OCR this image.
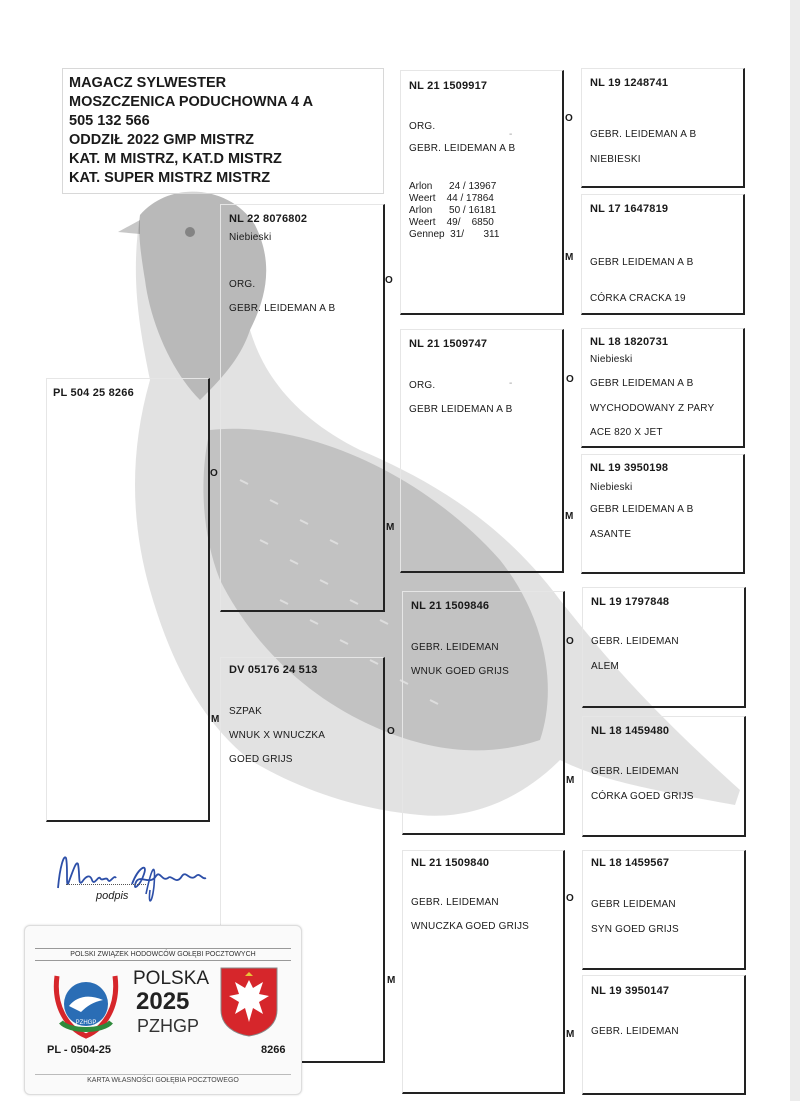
MAGACZ SYLWESTER
MOSZCZENICA PODUCHOWNA 4 A
505 132 566
ODDZIŁ 2022 GMP MISTRZ
KAT. M MISTRZ, KAT.D MISTRZ
KAT. SUPER MISTRZ MISTRZ
PL 504 25 8266
O
M
NL 22 8076802
Niebieski
ORG.
GEBR. LEIDEMAN A B
O
M
DV 05176 24 513
SZPAK
WNUK X WNUCZKA
GOED GRIJS
O
M
NL 21 1509917
ORG.
GEBR. LEIDEMAN A B
-
Arlon      24 / 13967
Weert    44 / 17864
Arlon      50 / 16181
Weert    49/    6850
Gennep  31/       311
O
M
NL 21 1509747
ORG.
GEBR LEIDEMAN A B
-	O
M
NL 21 1509846
GEBR. LEIDEMAN
WNUK GOED GRIJS
O
M
NL 21 1509840
GEBR. LEIDEMAN
WNUCZKA GOED GRIJS
O
M
NL 19 1248741
GEBR. LEIDEMAN A B
NIEBIESKI
NL 17 1647819
GEBR LEIDEMAN A B
CÓRKA CRACKA 19
NL 18 1820731
Niebieski
GEBR LEIDEMAN A B
WYCHODOWANY Z PARY
ACE 820 X JET
NL 19 3950198
Niebieski
GEBR LEIDEMAN A B
ASANTE
NL 19 1797848
GEBR. LEIDEMAN
ALEM
NL 18 1459480
GEBR. LEIDEMAN
CÓRKA GOED GRIJS
NL 18 1459567
GEBR LEIDEMAN
SYN GOED GRIJS
NL 19 3950147
GEBR. LEIDEMAN
podpis
POLSKI ZWIĄZEK HODOWCÓW GOŁĘBI POCZTOWYCH
PZHGP
POLSKA
2025
PZHGP
PL - 0504-25	8266
KARTA WŁASNOŚCI GOŁĘBIA POCZTOWEGO
